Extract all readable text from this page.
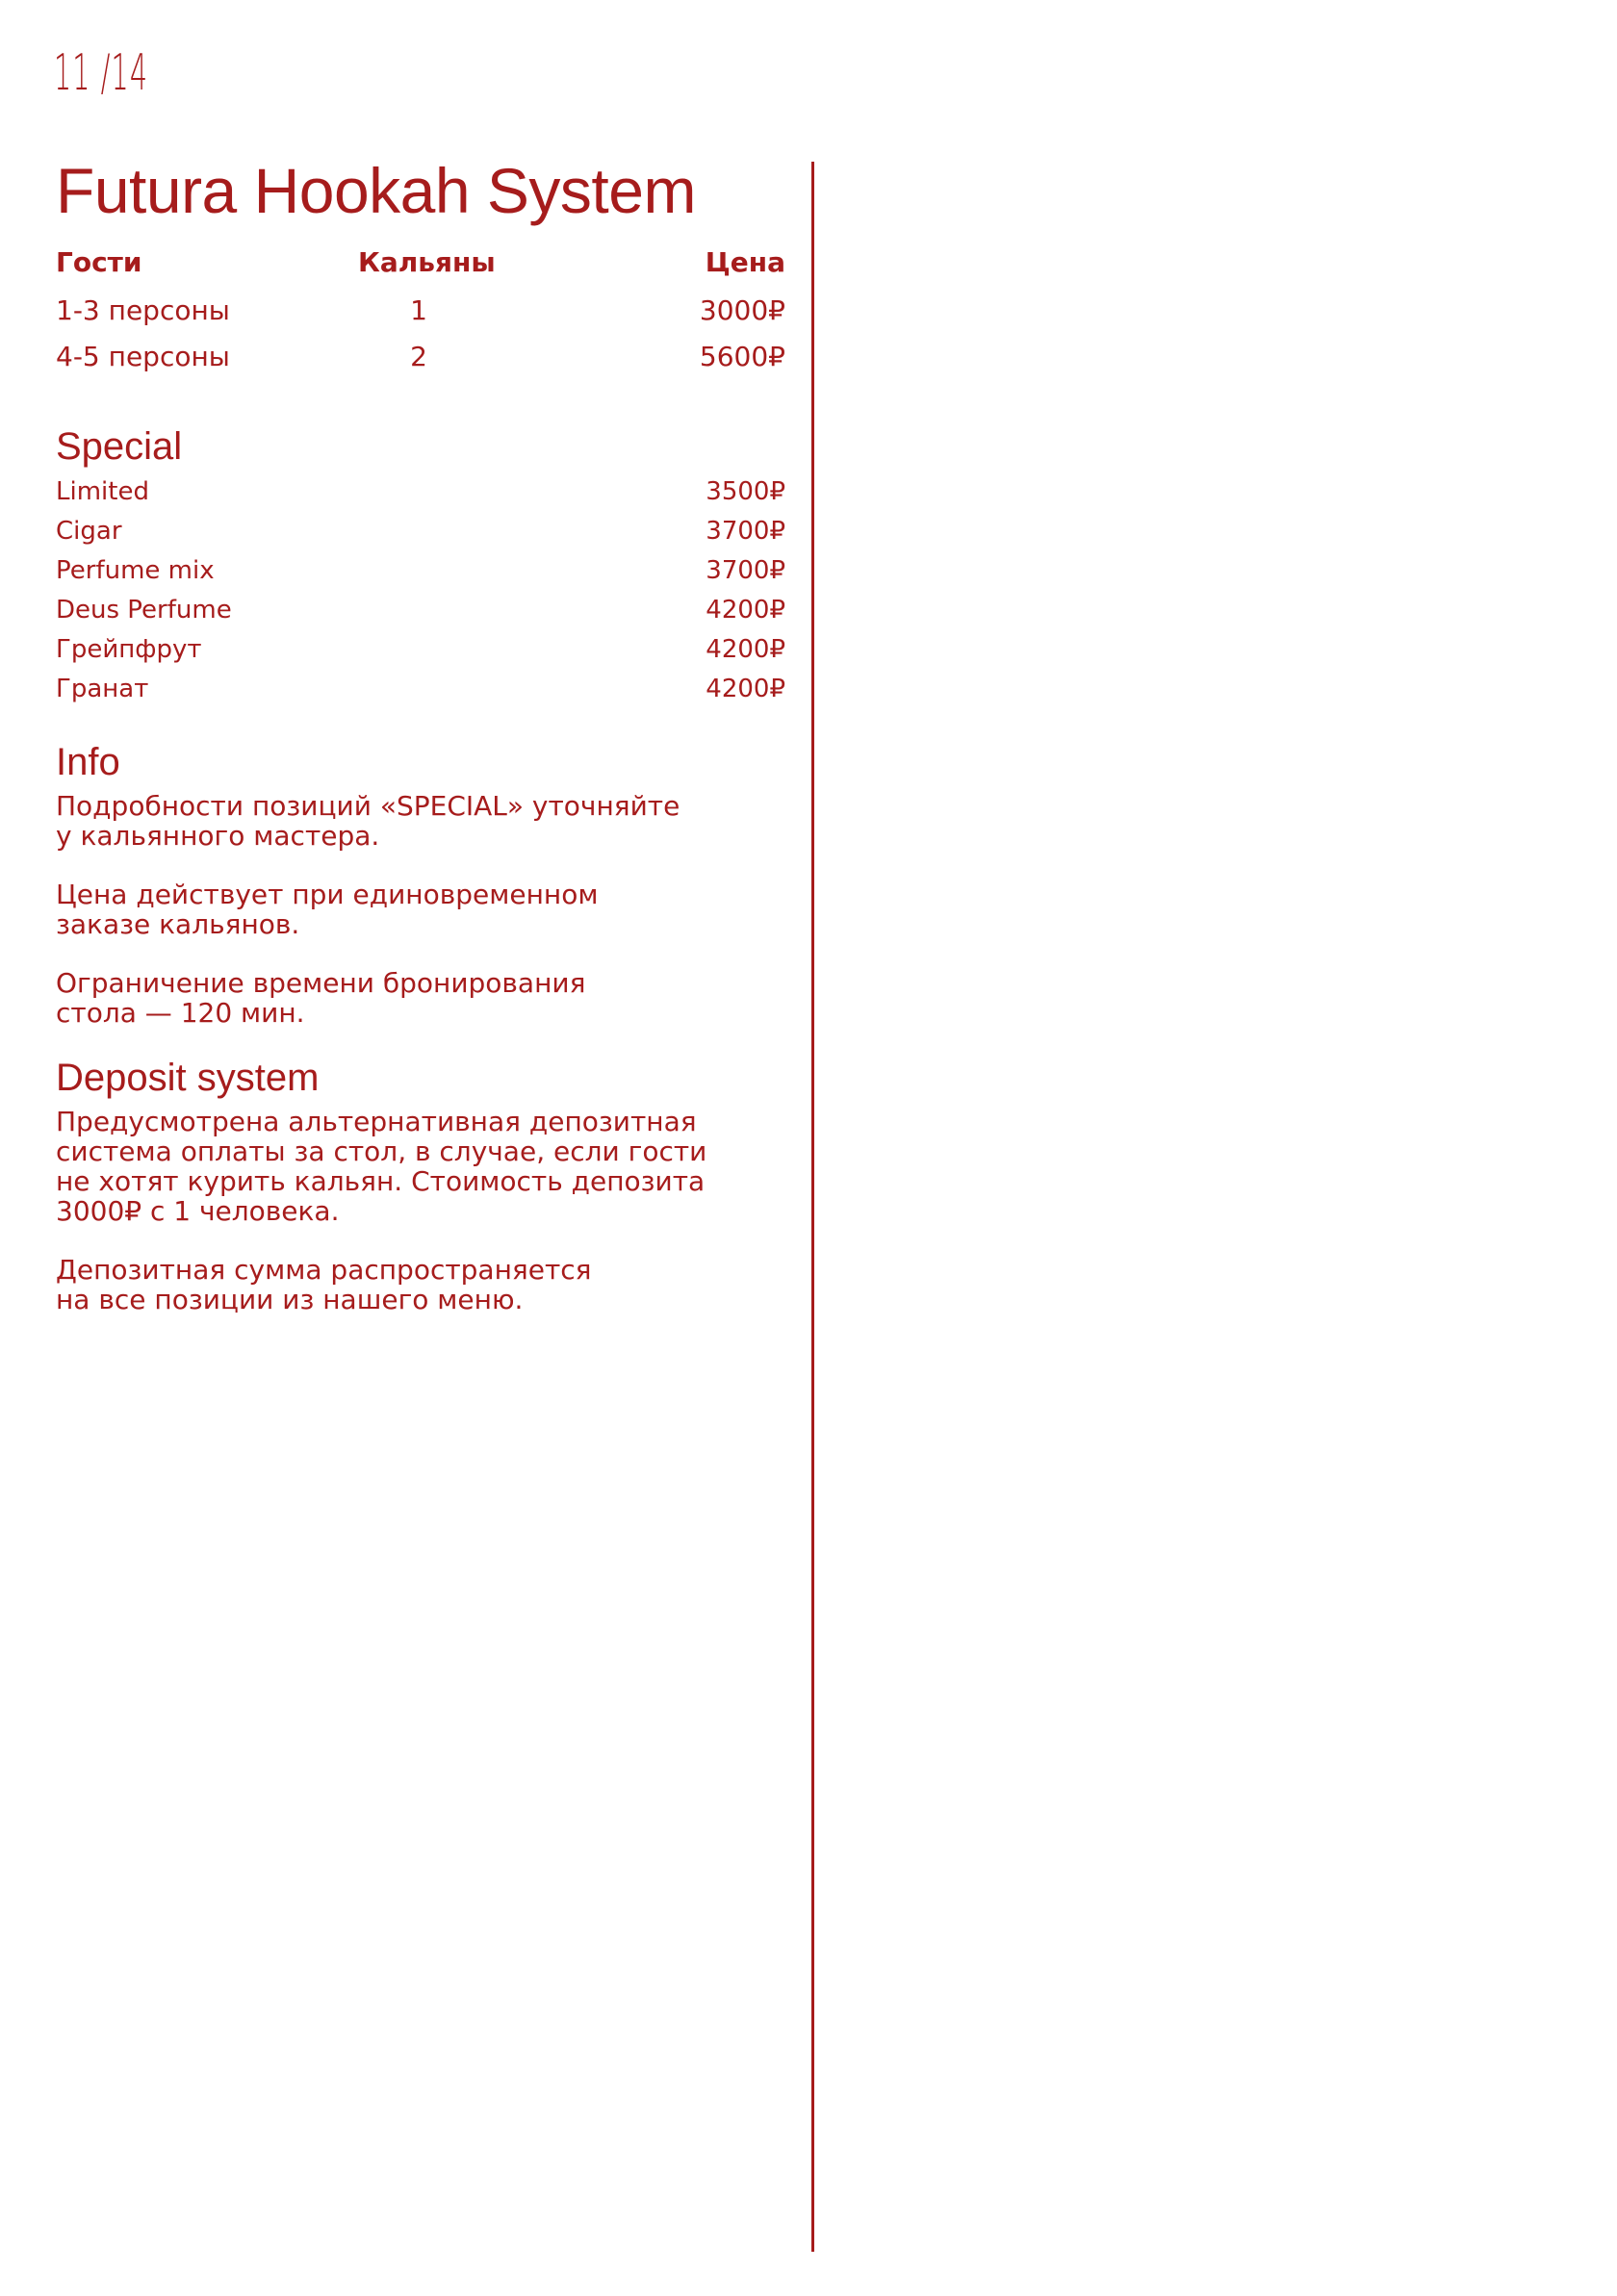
11 /14
Futura Hookah System
Гости	Кальяны	Цена
1-3 персоны	1	3000₽
4-5 персоны	2	5600₽
Special
Limited	3500₽
Cigar	3700₽
Perfume mix	3700₽
Deus Perfume	4200₽
Грейпфрут	4200₽
Гранат	4200₽
Info

Подробности позиций «SPECIAL» уточняйте
у кальянного мастера.

Цена действует при единовременном
заказе кальянов.

Ограничение времени бронирования
стола — 120 мин.

Deposit system

Предусмотрена альтернативная депозитная
система оплаты за стол, в случае, если гости
не хотят курить кальян. Стоимость депозита
3000₽ с 1 человека.

Депозитная сумма распространяется
на все позиции из нашего меню.
